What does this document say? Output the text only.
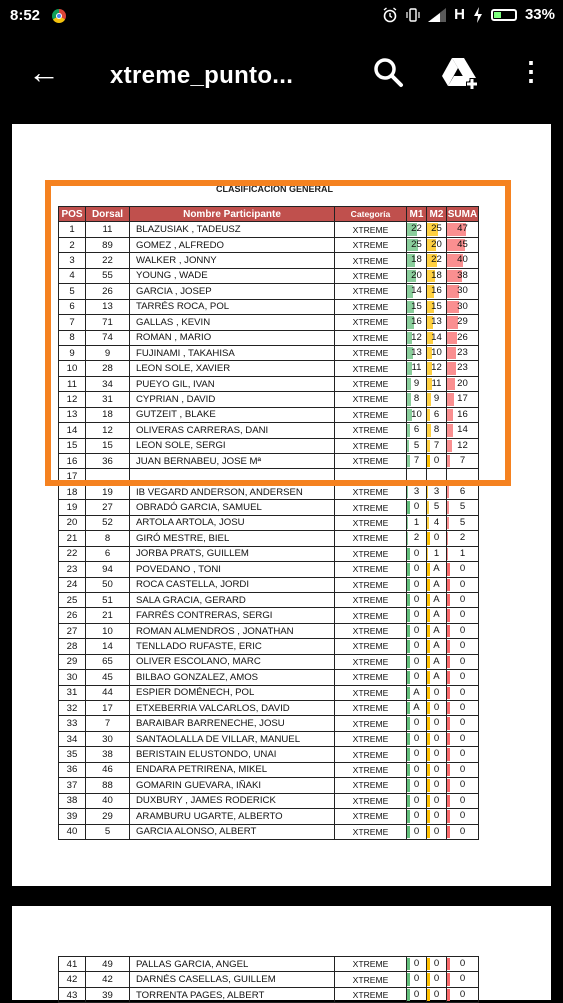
8:52	H	33%
← xtreme_punto...	⋮
CLASIFICACION GENERAL
POS	Dorsal	Nombre Participante	Categoría	M1	M2	SUMA
1	11	BLAZUSIAK , TADEUSZ	XTREME	22	25	47

2	89	GOMEZ , ALFREDO	XTREME	25	20	45

3	22	WALKER , JONNY	XTREME	18	22	40

4	55	YOUNG , WADE	XTREME	20	18	38

5	26	GARCIA , JOSEP	XTREME	14	16	30

6	13	TARRÉS ROCA, POL	XTREME	15	15	30

7	71	GALLAS , KEVIN	XTREME	16	13	29

8	74	ROMAN , MARIO	XTREME	12	14	26

9	9	FUJINAMI , TAKAHISA	XTREME	13	10	23

10	28	LEON SOLE, XAVIER	XTREME	11	12	23

11	34	PUEYO GIL, IVAN	XTREME	9	11	20

12	31	CYPRIAN , DAVID	XTREME	8	9	17

13	18	GUTZEIT , BLAKE	XTREME	10	6	16

14	12	OLIVERAS CARRERAS, DANI	XTREME	6	8	14

15	15	LEON SOLE, SERGI	XTREME	5	7	12

16	36	JUAN BERNABEU, JOSE Mª	XTREME	7	0	7

17				

18	19	IB VEGARD ANDERSON, ANDERSEN	XTREME	3	3	6

19	27	OBRADÓ GARCIA, SAMUEL	XTREME	0	5	5

20	52	ARTOLA ARTOLA, JOSU	XTREME	1	4	5

21	8	GIRÓ MESTRE, BIEL	XTREME	2	0	2

22	6	JORBA PRATS, GUILLEM	XTREME	0	1	1

23	94	POVEDANO , TONI	XTREME	0	A	0

24	50	ROCA CASTELLA, JORDI	XTREME	0	A	0

25	51	SALA GRACIA, GERARD	XTREME	0	A	0

26	21	FARRÉS CONTRERAS, SERGI	XTREME	0	A	0

27	10	ROMAN ALMENDROS , JONATHAN	XTREME	0	A	0

28	14	TENLLADO RUFASTE, ERIC	XTREME	0	A	0

29	65	OLIVER ESCOLANO, MARC	XTREME	0	A	0

30	45	BILBAO GONZALEZ, AMOS	XTREME	0	A	0

31	44	ESPIER DOMÉNECH, POL	XTREME	A	0	0

32	17	ETXEBERRIA VALCARLOS, DAVID	XTREME	A	0	0

33	7	BARAIBAR BARRENECHE, JOSU	XTREME	0	0	0

34	30	SANTAOLALLA DE VILLAR, MANUEL	XTREME	0	0	0

35	38	BERISTAIN ELUSTONDO, UNAI	XTREME	0	0	0

36	46	ENDARA PETRIRENA, MIKEL	XTREME	0	0	0

37	88	GOMARIN GUEVARA, IÑAKI	XTREME	0	0	0

38	40	DUXBURY , JAMES RODERICK	XTREME	0	0	0

39	29	ARAMBURU UGARTE, ALBERTO	XTREME	0	0	0

40	5	GARCIA ALONSO, ALBERT	XTREME	0	0	0
41	49	PALLAS GARCIA, ANGEL	XTREME	0	0	0

42	42	DARNÉS CASELLAS, GUILLEM	XTREME	0	0	0

43	39	TORRENTA PAGES, ALBERT	XTREME	0	0	0
